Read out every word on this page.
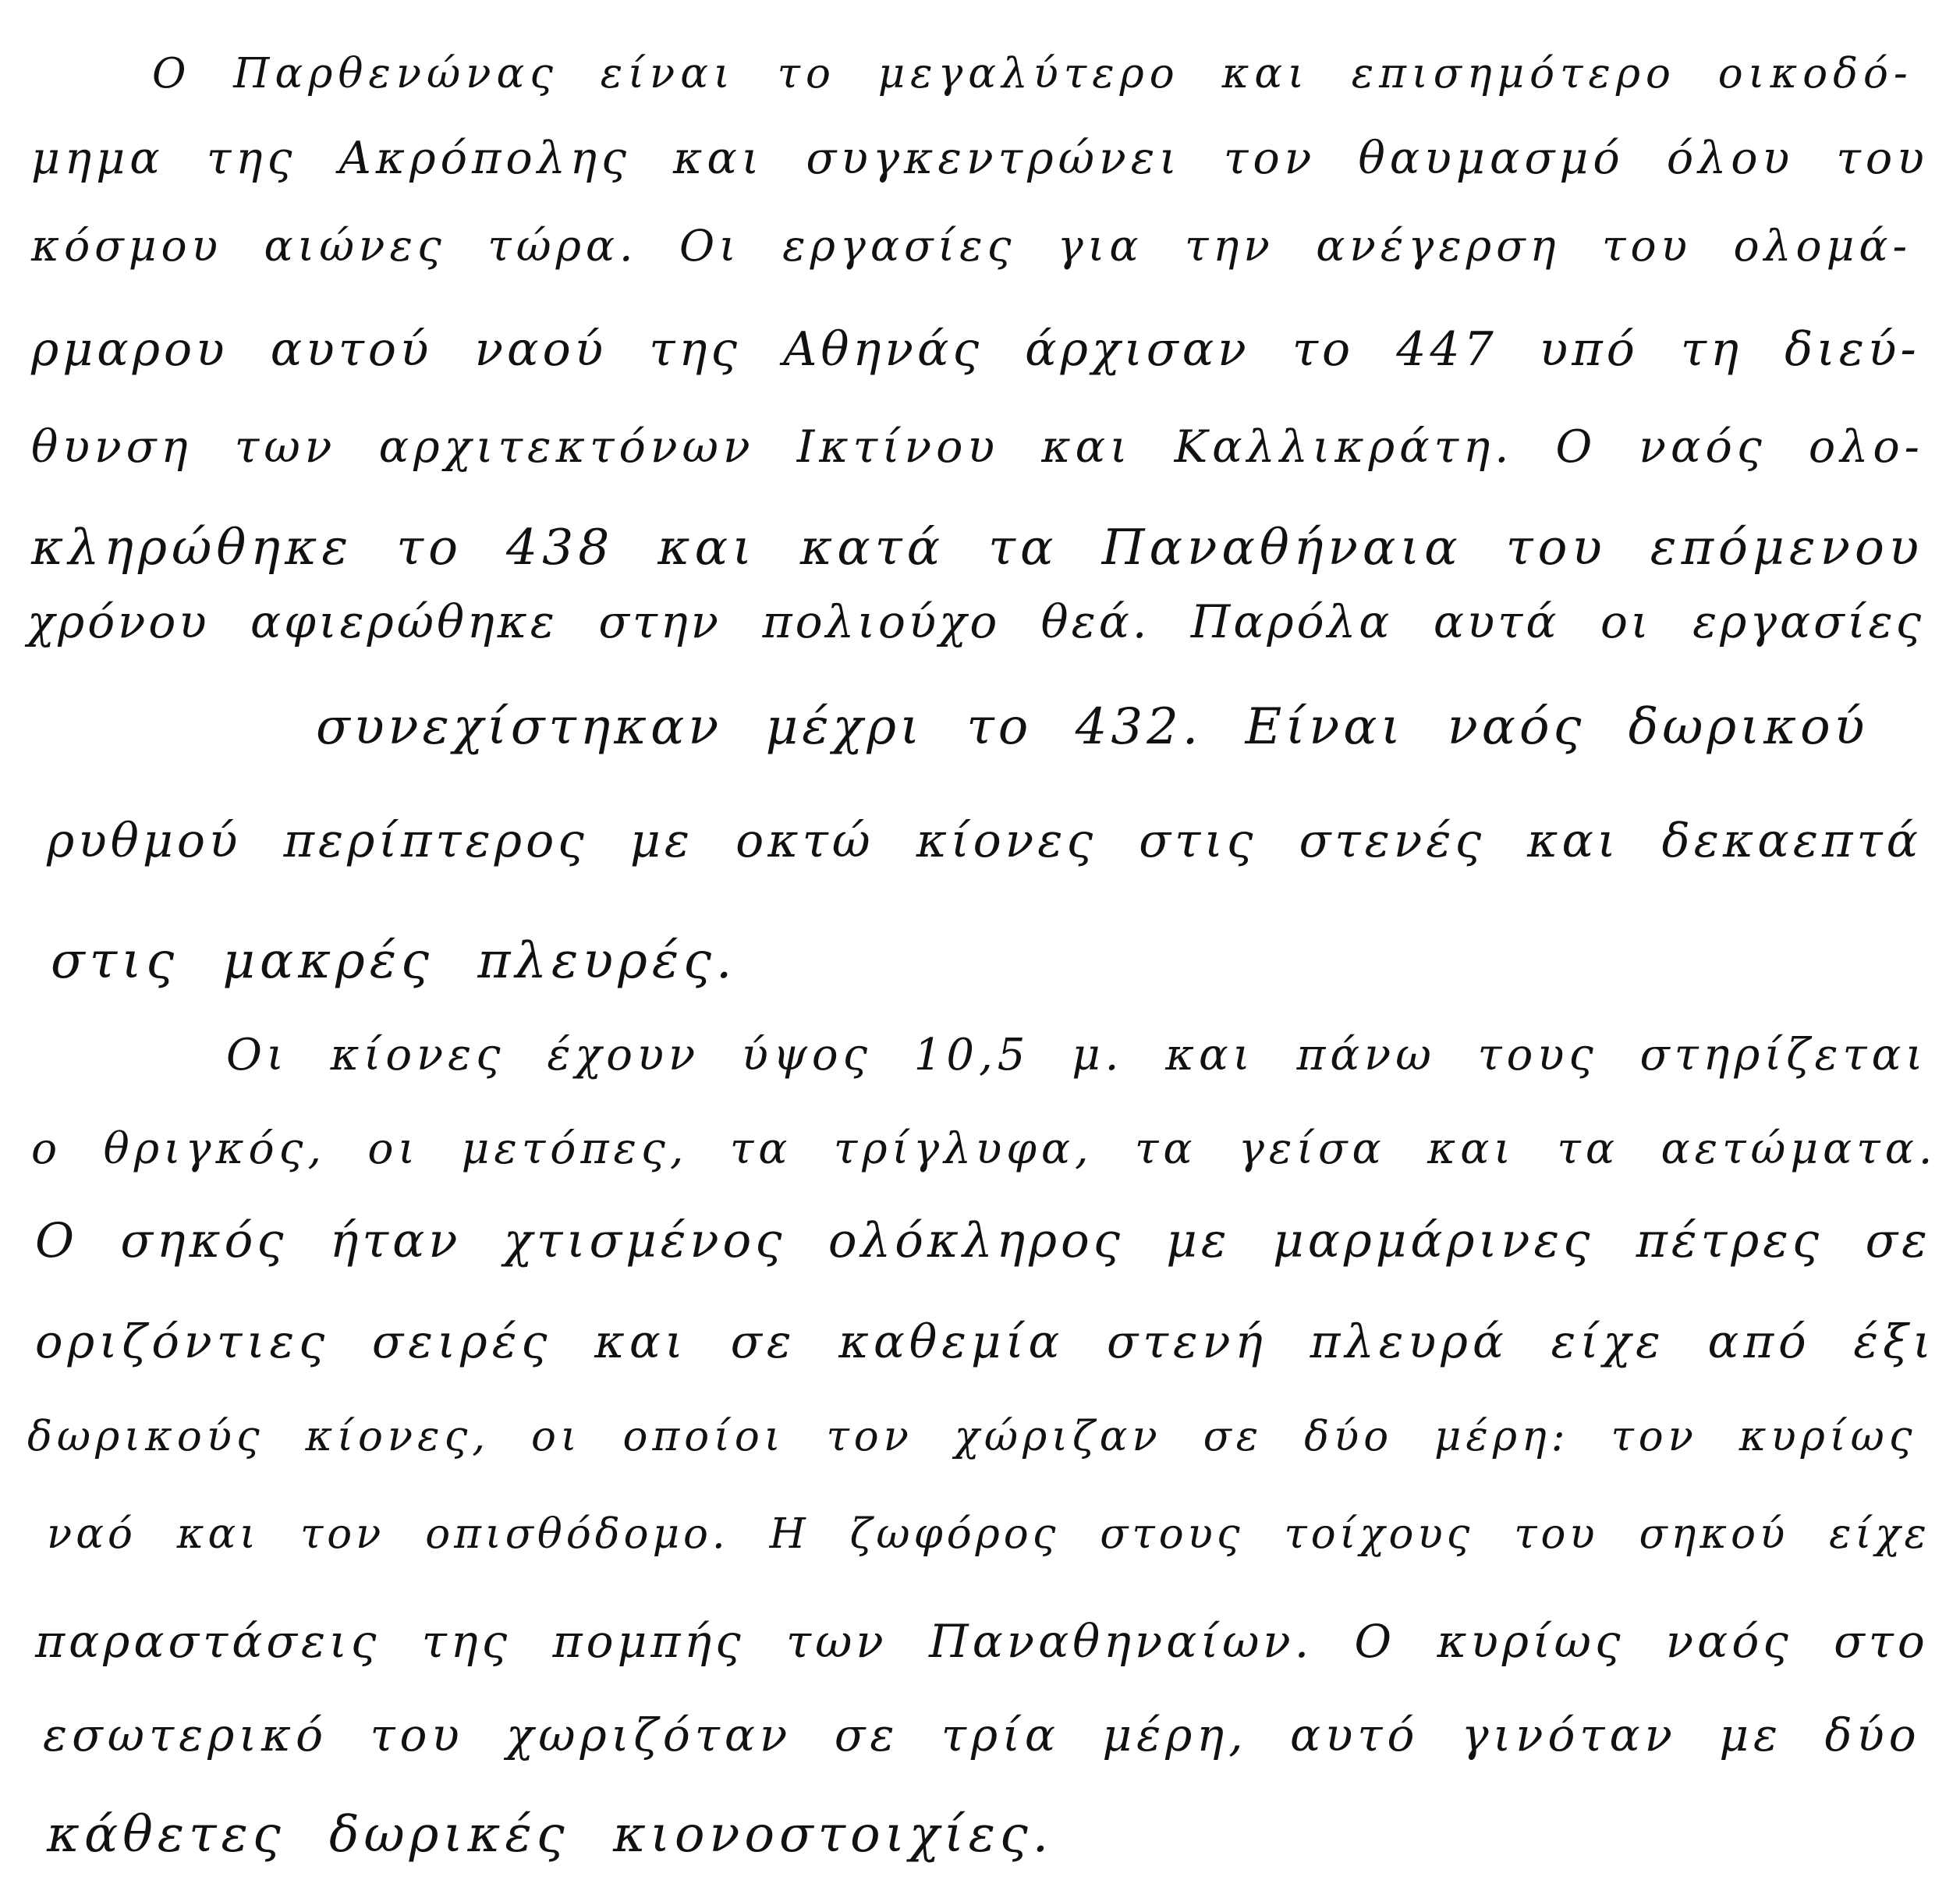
Ο Παρθενώνας είναι το μεγαλύτερο και επισημότερο οικοδό-

μημα της Ακρόπολης και συγκεντρώνει τον θαυμασμό όλου του

κόσμου αιώνες τώρα. Οι εργασίες για την ανέγερση του ολομά-

ρμαρου αυτού ναού της Αθηνάς άρχισαν το 447 υπό τη διεύ-

θυνση των αρχιτεκτόνων Ικτίνου και Καλλικράτη. Ο ναός ολο-

κληρώθηκε το 438 και κατά τα Παναθήναια του επόμενου

χρόνου αφιερώθηκε στην πολιούχο θεά. Παρόλα αυτά οι εργασίες

συνεχίστηκαν μέχρι το 432. Είναι ναός δωρικού

ρυθμού περίπτερος με οκτώ κίονες στις στενές και δεκαεπτά

στις μακρές πλευρές.

Οι κίονες έχουν ύψος 10,5 μ. και πάνω τους στηρίζεται

ο θριγκός, οι μετόπες, τα τρίγλυφα, τα γείσα και τα αετώματα.

Ο σηκός ήταν χτισμένος ολόκληρος με μαρμάρινες πέτρες σε

οριζόντιες σειρές και σε καθεμία στενή πλευρά είχε από έξι

δωρικούς κίονες, οι οποίοι τον χώριζαν σε δύο μέρη: τον κυρίως

ναό και τον οπισθόδομο. Η ζωφόρος στους τοίχους του σηκού είχε

παραστάσεις της πομπής των Παναθηναίων. Ο κυρίως ναός στο

εσωτερικό του χωριζόταν σε τρία μέρη, αυτό γινόταν με δύο

κάθετες δωρικές κιονοστοιχίες.
